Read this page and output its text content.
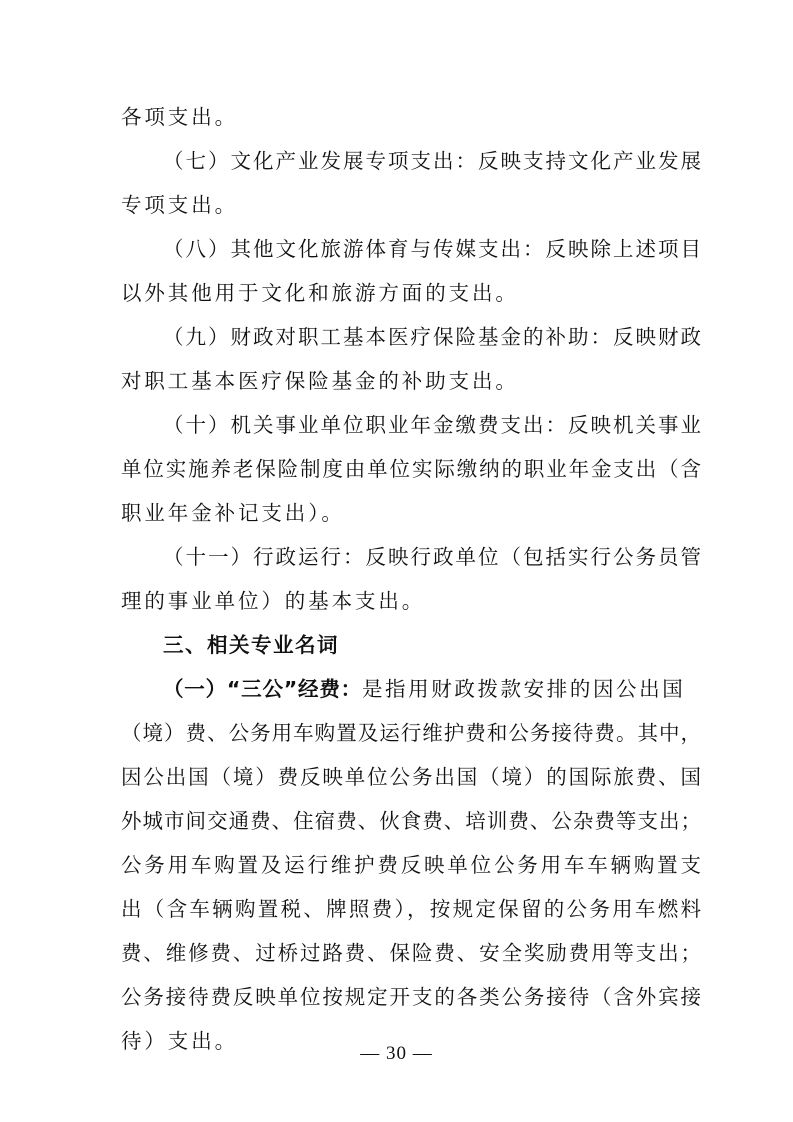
各项支出。
（七）文化产业发展专项支出：反映支持文化产业发展
专项支出。
（八）其他文化旅游体育与传媒支出：反映除上述项目
以外其他用于文化和旅游方面的支出。
（九）财政对职工基本医疗保险基金的补助：反映财政
对职工基本医疗保险基金的补助支出。
（十）机关事业单位职业年金缴费支出：反映机关事业
单位实施养老保险制度由单位实际缴纳的职业年金支出（含
职业年金补记支出）。
（十一）行政运行：反映行政单位（包括实行公务员管
理的事业单位）的基本支出。
三、相关专业名词
（一）“三公”经费：是指用财政拨款安排的因公出国
（境）费、公务用车购置及运行维护费和公务接待费。其中，
因公出国（境）费反映单位公务出国（境）的国际旅费、国
外城市间交通费、住宿费、伙食费、培训费、公杂费等支出；
公务用车购置及运行维护费反映单位公务用车车辆购置支
出（含车辆购置税、牌照费），按规定保留的公务用车燃料
费、维修费、过桥过路费、保险费、安全奖励费用等支出；
公务接待费反映单位按规定开支的各类公务接待（含外宾接
待）支出。
— 30 —
